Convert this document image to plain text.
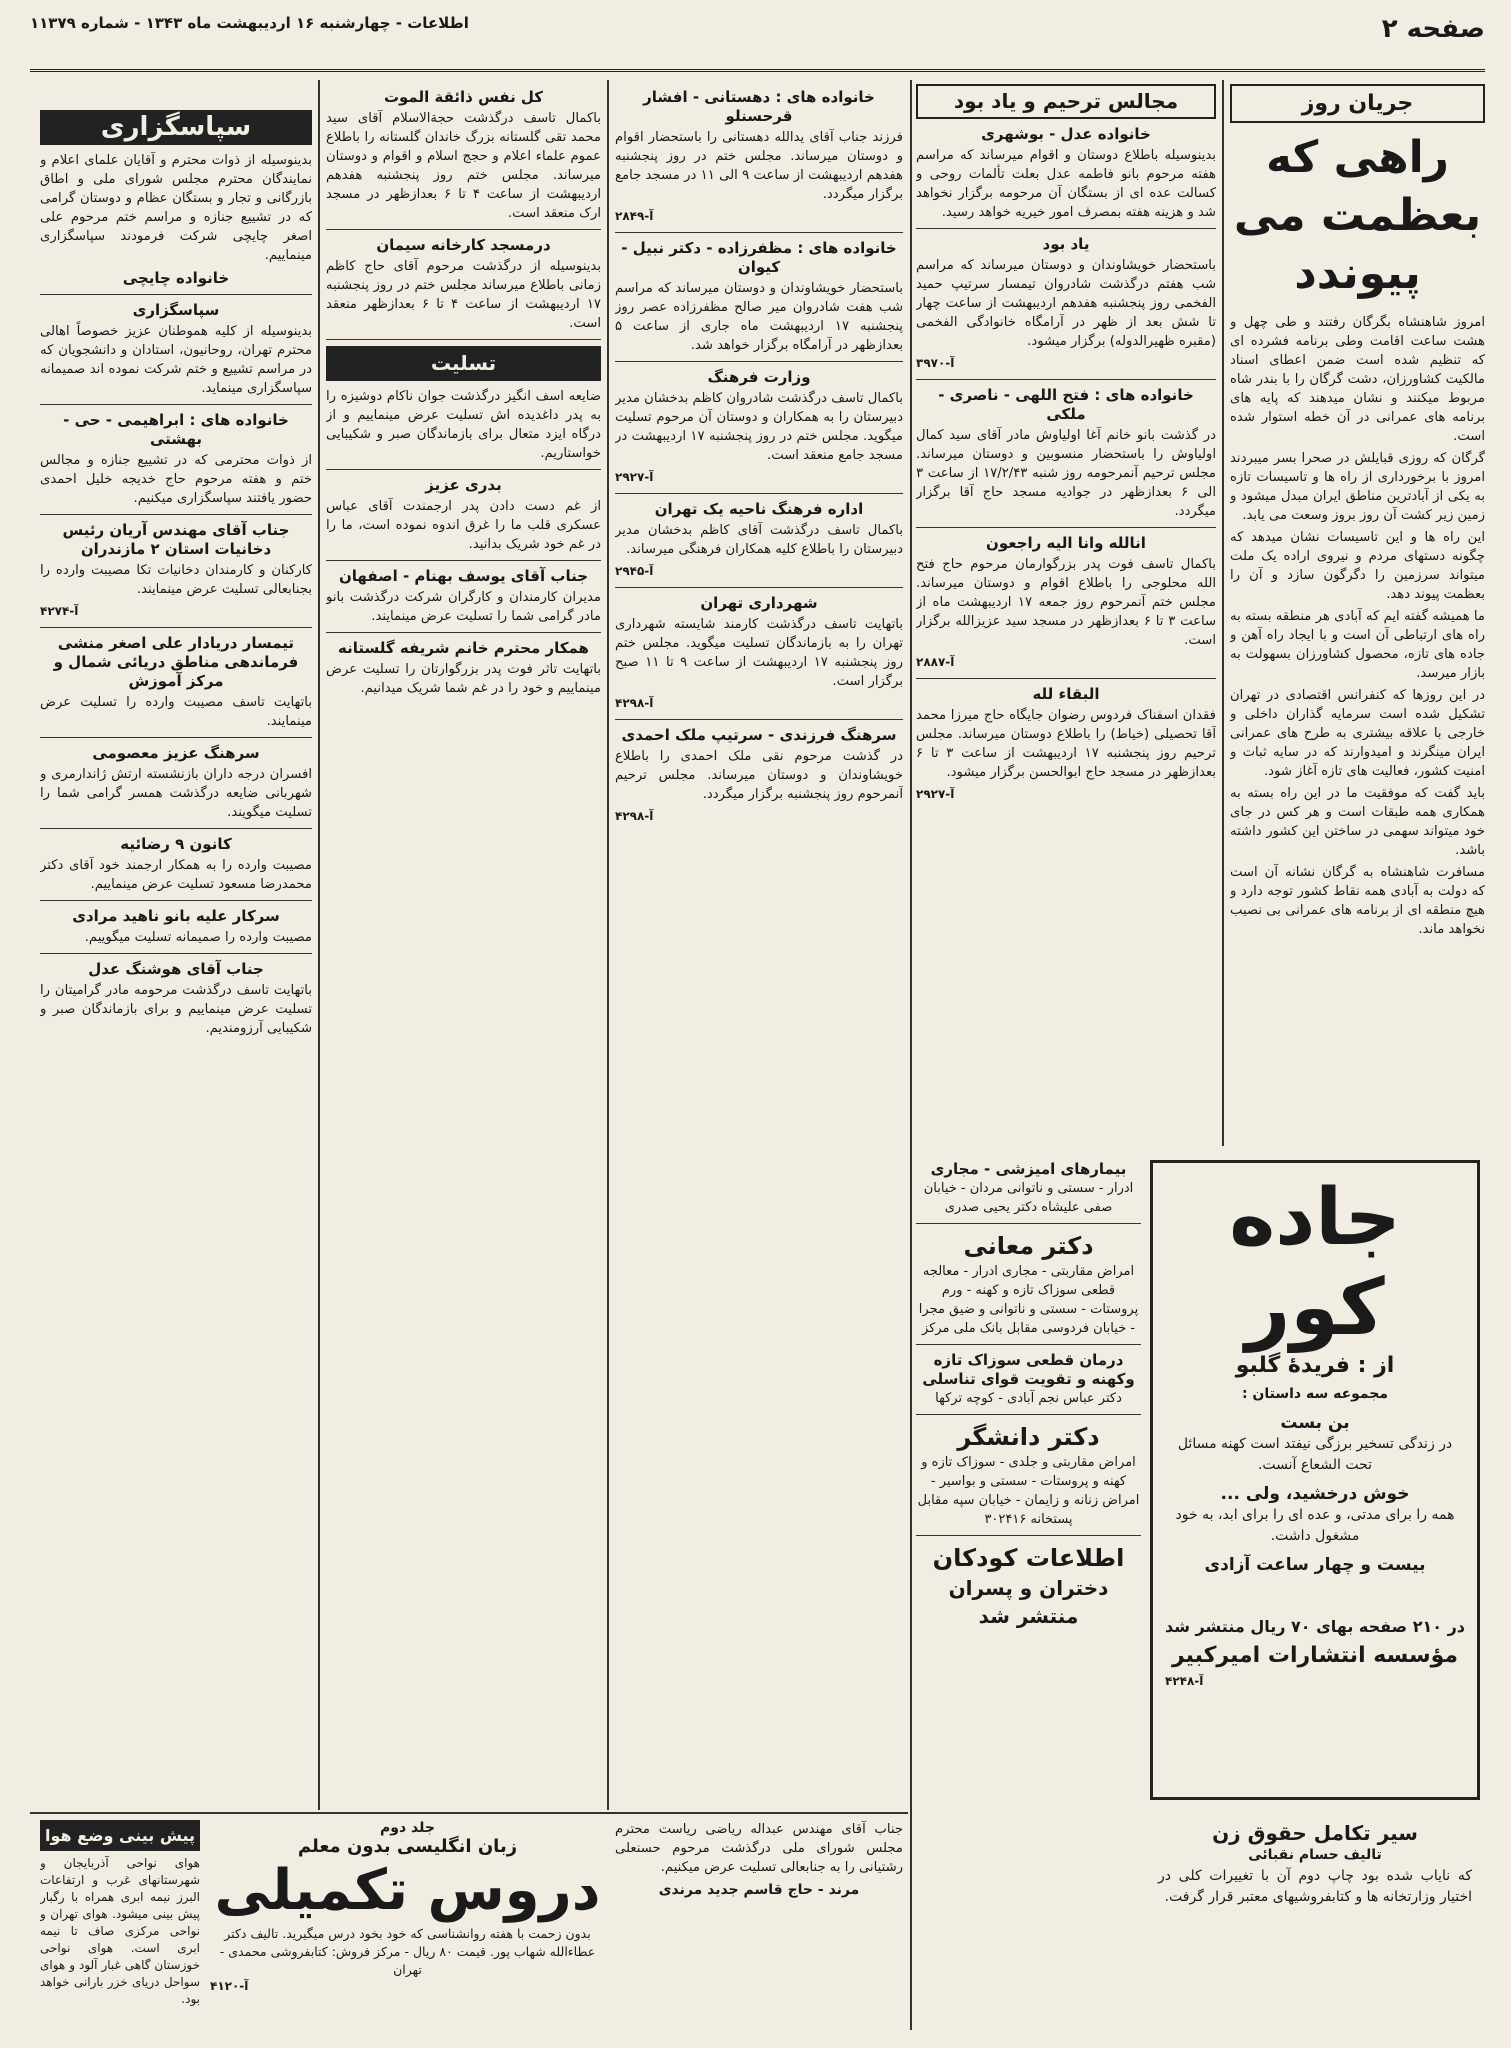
صفحه ۲
اطلاعات - چهارشنبه ۱۶ اردیبهشت ماه ۱۳۴۳ - شماره ۱۱۳۷۹
جریان روز
راهی که بعظمت می پیوندد

امروز شاهنشاه بگرگان رفتند و طی چهل و هشت ساعت اقامت وطی برنامه فشرده ای که تنظیم شده است ضمن اعطای اسناد مالکیت کشاورزان، دشت گرگان را با بندر شاه مربوط میکنند و نشان میدهند که پایه های برنامه های عمرانی در آن خطه استوار شده است.

گرگان که روزی قبایلش در صحرا بسر میبردند امروز با برخورداری از راه ها و تاسیسات تازه به یکی از آبادترین مناطق ایران مبدل میشود و زمین زیر کشت آن روز بروز وسعت می یابد.

این راه ها و این تاسیسات نشان میدهد که چگونه دستهای مردم و نیروی اراده یک ملت میتواند سرزمین را دگرگون سازد و آن را بعظمت پیوند دهد.

ما همیشه گفته ایم که آبادی هر منطقه بسته به راه های ارتباطی آن است و با ایجاد راه آهن و جاده های تازه، محصول کشاورزان بسهولت به بازار میرسد.

در این روزها که کنفرانس اقتصادی در تهران تشکیل شده است سرمایه گذاران داخلی و خارجی با علاقه بیشتری به طرح های عمرانی ایران مینگرند و امیدوارند که در سایه ثبات و امنیت کشور، فعالیت های تازه آغاز شود.

باید گفت که موفقیت ما در این راه بسته به همکاری همه طبقات است و هر کس در جای خود میتواند سهمی در ساختن این کشور داشته باشد.

مسافرت شاهنشاه به گرگان نشانه آن است که دولت به آبادی همه نقاط کشور توجه دارد و هیچ منطقه ای از برنامه های عمرانی بی نصیب نخواهد ماند.

جاده کور
از : فریدهٔ گلبو
مجموعه سه داستان :
بن بست
در زندگی تسخیر برزگی نیفتد است کهنه مسائل تحت الشعاع آنست.
خوش درخشید، ولی ...
همه را برای مدتی، و عده ای را برای ابد، به خود مشغول داشت.
بیست و چهار ساعت آزادی
در ۲۱۰ صفحه بهای ۷۰ ریال منتشر شد
مؤسسه انتشارات امیرکبیر
آ-۴۲۴۸
سیر تکامل حقوق زن
تالیف حسام نقبائی
که نایاب شده بود چاپ دوم آن با تغییرات کلی در اختیار وزارتخانه ها و کتابفروشیهای معتبر قرار گرفت.
مجالس ترحیم و یاد بود
خانواده عدل - بوشهری

بدینوسیله باطلاع دوستان و اقوام میرساند که مراسم هفته مرحوم بانو فاطمه عدل بعلت تألمات روحی و کسالت عده ای از بستگان آن مرحومه برگزار نخواهد شد و هزینه هفته بمصرف امور خیریه خواهد رسید.

یاد بود

باستحضار خویشاوندان و دوستان میرساند که مراسم شب هفتم درگذشت شادروان تیمسار سرتیپ حمید الفخمی روز پنجشنبه هفدهم اردیبهشت از ساعت چهار تا شش بعد از ظهر در آرامگاه خانوادگی الفخمی (مقبره ظهیرالدوله) برگزار میشود.

آ-۳۹۷۰
خانواده های : فتح اللهی - ناصری - ملکی

در گذشت بانو خانم آغا اولیاوش مادر آقای سید کمال اولیاوش را باستحضار منسوبین و دوستان میرساند. مجلس ترحیم آنمرحومه روز شنبه ۱۷/۲/۴۳ از ساعت ۳ الی ۶ بعدازظهر در جوادیه مسجد حاج آقا برگزار میگردد.

انالله وانا الیه راجعون

باکمال تاسف فوت پدر بزرگوارمان مرحوم حاج فتح الله محلوجی را باطلاع اقوام و دوستان میرساند. مجلس ختم آنمرحوم روز جمعه ۱۷ اردیبهشت ماه از ساعت ۳ تا ۶ بعدازظهر در مسجد سید عزیزالله برگزار است.

آ-۲۸۸۷
البقاء لله

فقدان اسفناک فردوس رضوان جایگاه حاج میرزا محمد آقا تحصیلی (خیاط) را باطلاع دوستان میرساند. مجلس ترحیم روز پنجشنبه ۱۷ اردیبهشت از ساعت ۳ تا ۶ بعدازظهر در مسجد حاج ابوالحسن برگزار میشود.

آ-۲۹۲۷
بیمارهای امیزشی - مجاری
ادرار - سستی و ناتوانی مردان - خیابان صفی علیشاه دکتر یحیی صدری
دکتر معانی
امراض مقاربتی - مجاری ادرار - معالجه قطعی سوزاک تازه و کهنه - ورم پروستات - سستی و ناتوانی و ضیق مجرا - خیابان فردوسی مقابل بانک ملی مرکز
درمان قطعی سوزاک تازه وکهنه و تقویت قوای تناسلی
دکتر عباس نجم آبادی - کوچه ترکها
دکتر دانشگر
امراض مقاربتی و جلدی - سوزاک تازه و کهنه و پروستات - سستی و بواسیر - امراض زنانه و زایمان - خیابان سپه مقابل پستخانه ۳۰۲۴۱۶
اطلاعات کودکان
دختران و پسران منتشر شد
خانواده های : دهستانی - افشار قرحسنلو

فرزند جناب آقای یدالله دهستانی را باستحضار اقوام و دوستان میرساند. مجلس ختم در روز پنجشنبه هفدهم اردیبهشت از ساعت ۹ الی ۱۱ در مسجد جامع برگزار میگردد.

آ-۲۸۴۹
خانواده های : مظفرزاده - دکتر نبیل - کیوان

باستحضار خویشاوندان و دوستان میرساند که مراسم شب هفت شادروان میر صالح مظفرزاده عصر روز پنجشنبه ۱۷ اردیبهشت ماه جاری از ساعت ۵ بعدازظهر در آرامگاه برگزار خواهد شد.

وزارت فرهنگ

باکمال تاسف درگذشت شادروان کاظم بدخشان مدیر دبیرستان را به همکاران و دوستان آن مرحوم تسلیت میگوید. مجلس ختم در روز پنجشنبه ۱۷ اردیبهشت در مسجد جامع منعقد است.

آ-۲۹۲۷
اداره فرهنگ ناحیه یک تهران

باکمال تاسف درگذشت آقای کاظم بدخشان مدیر دبیرستان را باطلاع کلیه همکاران فرهنگی میرساند.

آ-۲۹۴۵
شهرداری تهران

باتهایت تاسف درگذشت کارمند شایسته شهرداری تهران را به بازماندگان تسلیت میگوید. مجلس ختم روز پنجشنبه ۱۷ اردیبهشت از ساعت ۹ تا ۱۱ صبح برگزار است.

آ-۴۲۹۸
سرهنگ فرزندی - سرتیپ ملک احمدی

در گذشت مرحوم نقی ملک احمدی را باطلاع خویشاوندان و دوستان میرساند. مجلس ترحیم آنمرحوم روز پنجشنبه برگزار میگردد.

آ-۴۲۹۸
کل نفس ذائقة الموت

باکمال تاسف درگذشت حجةالاسلام آقای سید محمد تقی گلستانه بزرگ خاندان گلستانه را باطلاع عموم علماء اعلام و حجج اسلام و اقوام و دوستان میرساند. مجلس ختم روز پنجشنبه هفدهم اردیبهشت از ساعت ۴ تا ۶ بعدازظهر در مسجد ارک منعقد است.

درمسجد کارخانه سیمان

بدینوسیله از درگذشت مرحوم آقای حاج کاظم زمانی باطلاع میرساند مجلس ختم در روز پنجشنبه ۱۷ اردیبهشت از ساعت ۴ تا ۶ بعدازظهر منعقد است.

تسلیت

ضایعه اسف انگیز درگذشت جوان ناکام دوشیزه را به پدر داغدیده اش تسلیت عرض مینماییم و از درگاه ایزد متعال برای بازماندگان صبر و شکیبایی خواستاریم.

بدری عزیز

از غم دست دادن پدر ارجمندت آقای عباس عسکری قلب ما را غرق اندوه نموده است، ما را در غم خود شریک بدانید.

جناب آقای یوسف بهنام - اصفهان

مدیران کارمندان و کارگران شرکت درگذشت بانو مادر گرامی شما را تسلیت عرض مینمایند.

همکار محترم خانم شریفه گلستانه

باتهایت تاثر فوت پدر بزرگوارتان را تسلیت عرض مینماییم و خود را در غم شما شریک میدانیم.

سپاسگزاری

بدینوسیله از ذوات محترم و آقایان علمای اعلام و نمایندگان محترم مجلس شورای ملی و اطاق بازرگانی و تجار و بستگان عظام و دوستان گرامی که در تشییع جنازه و مراسم ختم مرحوم علی اصغر چایچی شرکت فرمودند سپاسگزاری مینماییم.

خانواده چایچی
سپاسگزاری

بدینوسیله از کلیه هموطنان عزیز خصوصاً اهالی محترم تهران، روحانیون، استادان و دانشجویان که در مراسم تشییع و ختم شرکت نموده اند صمیمانه سپاسگزاری مینماید.

خانواده های : ابراهیمی - حی - بهشتی

از ذوات محترمی که در تشییع جنازه و مجالس ختم و هفته مرحوم حاج خدیجه خلیل احمدی حضور یافتند سپاسگزاری میکنیم.

جناب آقای مهندس آریان رئیس دخانیات استان ۲ مازندران

کارکنان و کارمندان دخانیات تکا مصیبت وارده را بجنابعالی تسلیت عرض مینمایند.

آ-۴۲۷۴
تیمسار دریادار علی اصغر منشی فرماندهی مناطق دریائی شمال و مرکز آموزش

باتهایت تاسف مصیبت وارده را تسلیت عرض مینمایند.

سرهنگ عزیز معصومی

افسران درجه داران بازنشسته ارتش ژاندارمری و شهربانی ضایعه درگذشت همسر گرامی شما را تسلیت میگویند.

کانون ۹ رضائیه

مصیبت وارده را به همکار ارجمند خود آقای دکتر محمدرضا مسعود تسلیت عرض مینماییم.

سرکار علیه بانو ناهید مرادی

مصیبت وارده را صمیمانه تسلیت میگوییم.

جناب آقای هوشنگ عدل

باتهایت تاسف درگذشت مرحومه مادر گرامیتان را تسلیت عرض مینماییم و برای بازماندگان صبر و شکیبایی آرزومندیم.

جلد دوم
زبان انگلیسی بدون معلم
دروس تکمیلی
بدون زحمت با هفته روانشناسی که خود بخود درس میگیرید. تالیف دکتر عطاءالله شهاب پور. قیمت ۸۰ ریال - مرکز فروش: کتابفروشی محمدی - تهران
آ-۴۱۲۰
پیش بینی وضع هوا
هوای نواحی آذربایجان و شهرستانهای غرب و ارتفاعات البرز نیمه ابری همراه با رگبار پیش بینی میشود. هوای تهران و نواحی مرکزی صاف تا نیمه ابری است. هوای نواحی خوزستان گاهی غبار آلود و هوای سواحل دریای خزر بارانی خواهد بود.

جناب آقای مهندس عبداله ریاضی ریاست محترم مجلس شورای ملی درگذشت مرحوم حسنعلی رشتیانی را به جنابعالی تسلیت عرض میکنیم.

مرند - حاج قاسم جدید مرندی
